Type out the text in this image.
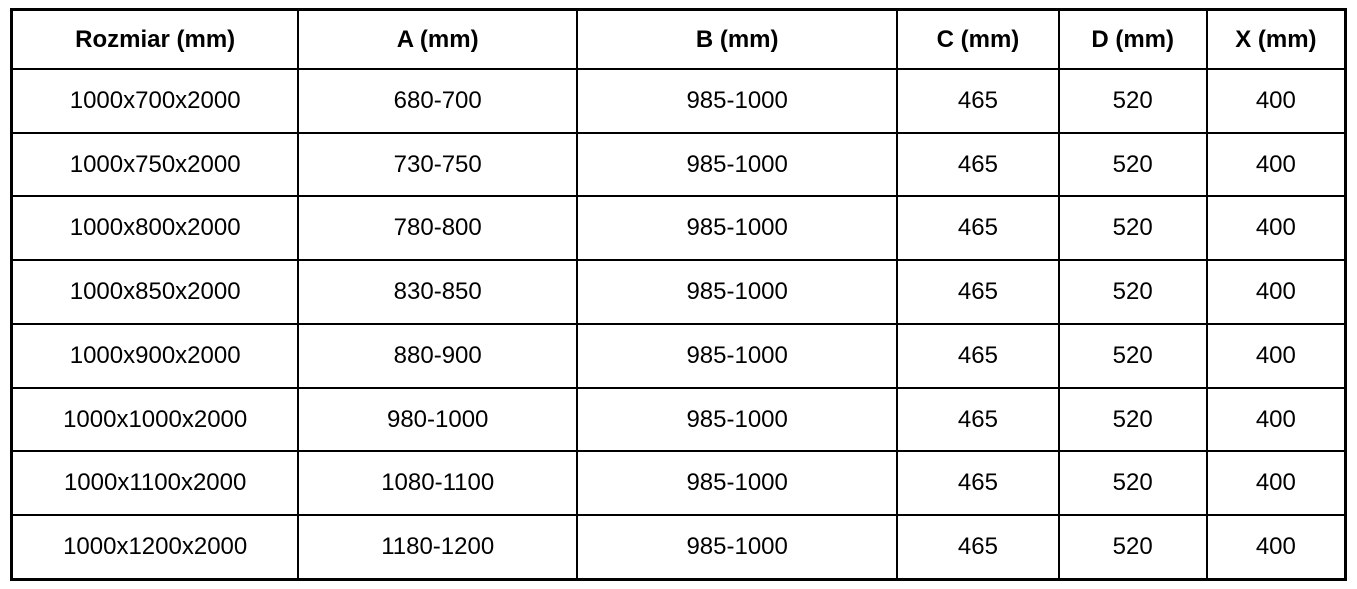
Rozmiar (mm)	A (mm)	B (mm)	C (mm)	D (mm)	X (mm)
1000x700x2000	680-700	985-1000	465	520	400
1000x750x2000	730-750	985-1000	465	520	400
1000x800x2000	780-800	985-1000	465	520	400
1000x850x2000	830-850	985-1000	465	520	400
1000x900x2000	880-900	985-1000	465	520	400
1000x1000x2000	980-1000	985-1000	465	520	400
1000x1100x2000	1080-1100	985-1000	465	520	400
1000x1200x2000	1180-1200	985-1000	465	520	400
